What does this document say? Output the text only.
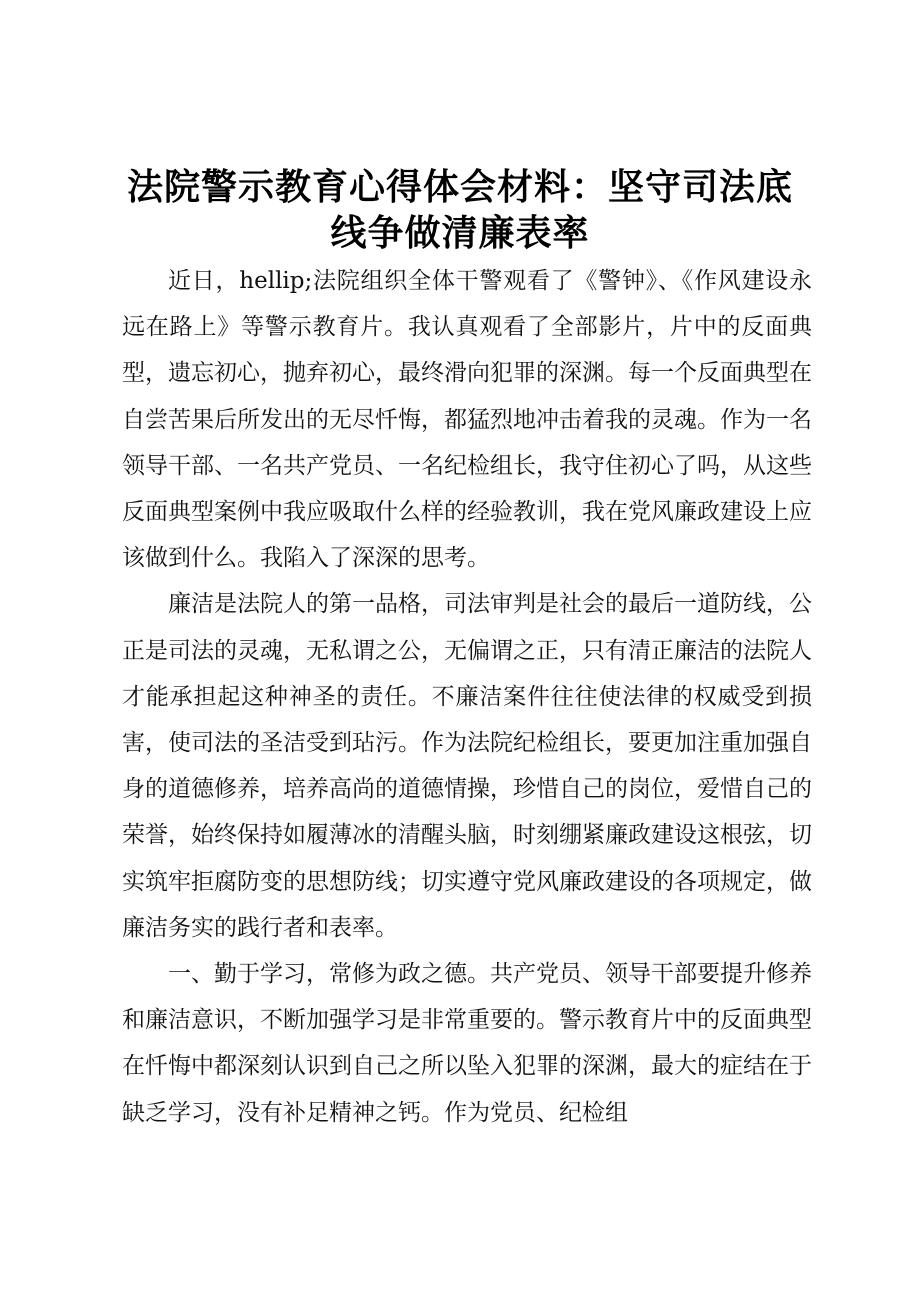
法院警示教育心得体会材料：坚守司法底线争做清廉表率

近日，hellip;法院组织全体干警观看了《警钟》、《作风建设永远在路上》等警示教育片。我认真观看了全部影片，片中的反面典型，遗忘初心，抛弃初心，最终滑向犯罪的深渊。每一个反面典型在自尝苦果后所发出的无尽忏悔，都猛烈地冲击着我的灵魂。作为一名领导干部、一名共产党员、一名纪检组长，我守住初心了吗，从这些反面典型案例中我应吸取什么样的经验教训，我在党风廉政建设上应该做到什么。我陷入了深深的思考。

廉洁是法院人的第一品格，司法审判是社会的最后一道防线，公正是司法的灵魂，无私谓之公，无偏谓之正，只有清正廉洁的法院人才能承担起这种神圣的责任。不廉洁案件往往使法律的权威受到损害，使司法的圣洁受到玷污。作为法院纪检组长，要更加注重加强自身的道德修养，培养高尚的道德情操，珍惜自己的岗位，爱惜自己的荣誉，始终保持如履薄冰的清醒头脑，时刻绷紧廉政建设这根弦，切实筑牢拒腐防变的思想防线；切实遵守党风廉政建设的各项规定，做廉洁务实的践行者和表率。

一、勤于学习，常修为政之德。共产党员、领导干部要提升修养和廉洁意识，不断加强学习是非常重要的。警示教育片中的反面典型在忏悔中都深刻认识到自己之所以坠入犯罪的深渊，最大的症结在于缺乏学习，没有补足精神之钙。作为党员、纪检组
